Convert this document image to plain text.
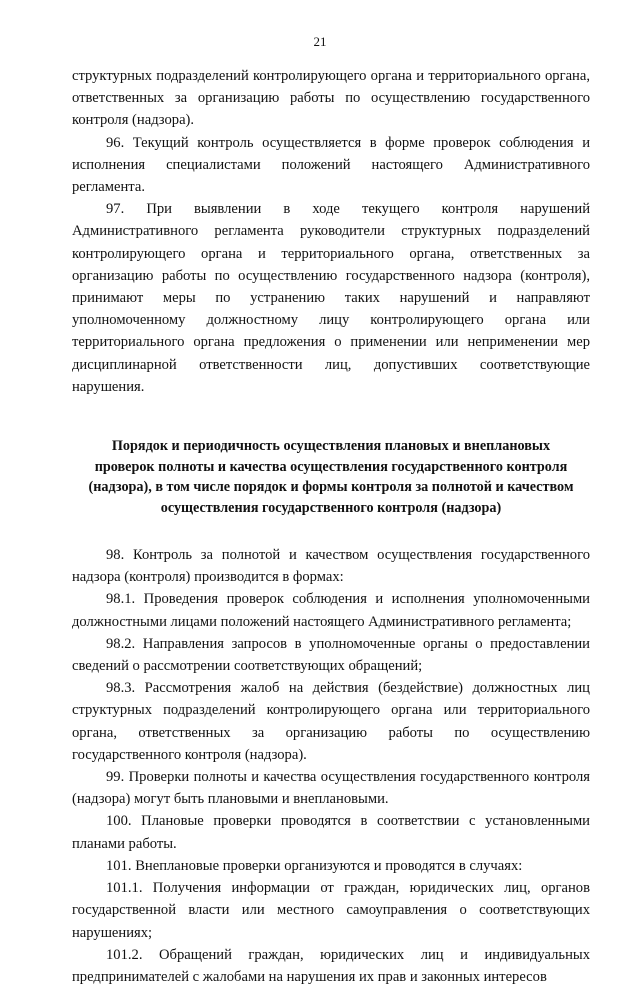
21

структурных подразделений контролирующего органа и территориального органа, ответственных за организацию работы по осуществлению государственного контроля (надзора).

96. Текущий контроль осуществляется в форме проверок соблюдения и исполнения специалистами положений настоящего Административного регламента.

97. При выявлении в ходе текущего контроля нарушений Административного регламента руководители структурных подразделений контролирующего органа и территориального органа, ответственных за организацию работы по осуществлению государственного надзора (контроля), принимают меры по устранению таких нарушений и направляют уполномоченному должностному лицу контролирующего органа или территориального органа предложения о применении или неприменении мер дисциплинарной ответственности лиц, допустивших соответствующие нарушения.

Порядок и периодичность осуществления плановых и внеплановых проверок полноты и качества осуществления государственного контроля (надзора), в том числе порядок и формы контроля за полнотой и качеством осуществления государственного контроля (надзора)

98. Контроль за полнотой и качеством осуществления государственного надзора (контроля) производится в формах:

98.1. Проведения проверок соблюдения и исполнения уполномоченными должностными лицами положений настоящего Административного регламента;

98.2. Направления запросов в уполномоченные органы о предоставлении сведений о рассмотрении соответствующих обращений;

98.3. Рассмотрения жалоб на действия (бездействие) должностных лиц структурных подразделений контролирующего органа или территориального органа, ответственных за организацию работы по осуществлению государственного контроля (надзора).

99. Проверки полноты и качества осуществления государственного контроля (надзора) могут быть плановыми и внеплановыми.

100. Плановые проверки проводятся в соответствии с установленными планами работы.

101. Внеплановые проверки организуются и проводятся в случаях:

101.1. Получения информации от граждан, юридических лиц, органов государственной власти или местного самоуправления о соответствующих нарушениях;

101.2. Обращений граждан, юридических лиц и индивидуальных предпринимателей с жалобами на нарушения их прав и законных интересов
